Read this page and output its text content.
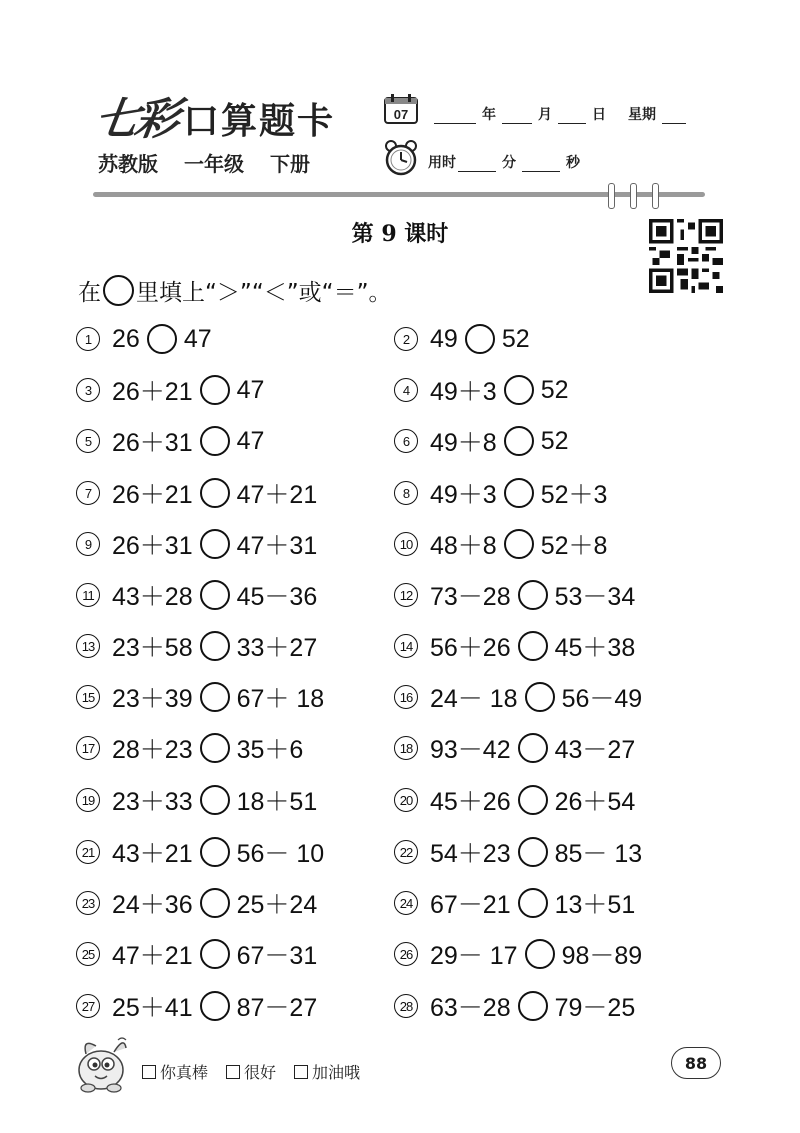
七彩 口算题卡
苏教版 一年级 下册
07	年	月	日 星期
用时	分	秒
第 9 课时
在 里填上“＞”“＜”或“＝”。
1 26 47	2 49 52
3 26＋21 47	4 49＋3 52
5 26＋31 47	6 49＋8 52
7 26＋21 47＋21	8 49＋3 52＋3
9 26＋31 47＋31	10 48＋8 52＋8
11 43＋28 45－36	12 73－28 53－34
13 23＋58 33＋27	14 56＋26 45＋38
15 23＋39 67＋ 18	16 24－ 18 56－49
17 28＋23 35＋6	18 93－42 43－27
19 23＋33 18＋51	20 45＋26 26＋54
21 43＋21 56－ 10	22 54＋23 85－ 13
23 24＋36 25＋24	24 67－21 13＋51
25 47＋21 67－31	26 29－ 17 98－89
27 25＋41 87－27	28 63－28 79－25
你真棒 很好 加油哦	88
